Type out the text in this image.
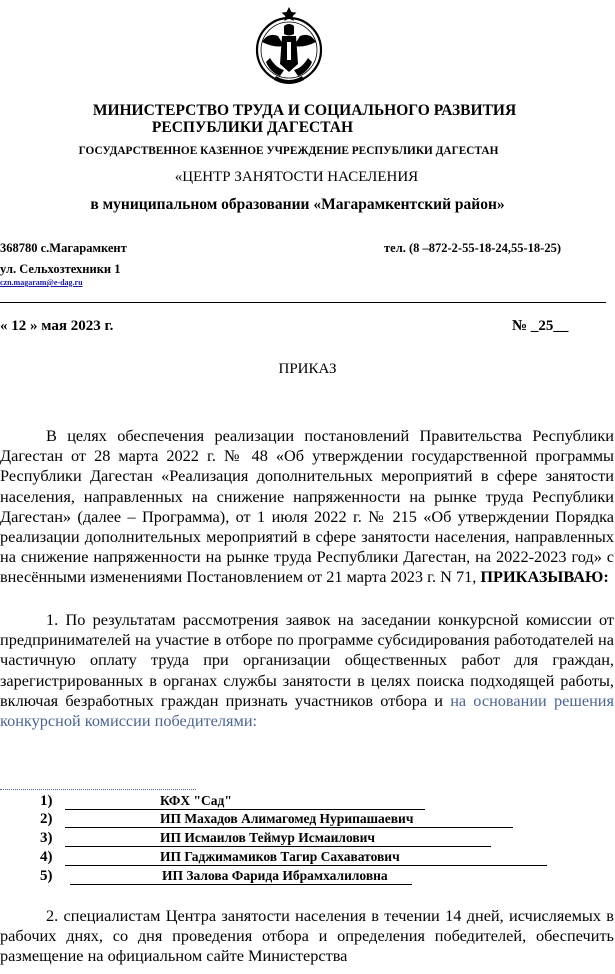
МИНИСТЕРСТВО ТРУДА И СОЦИАЛЬНОГО РАЗВИТИЯ
РЕСПУБЛИКИ ДАГЕСТАН
ГОСУДАРСТВЕННОЕ КАЗЕННОЕ УЧРЕЖДЕНИЕ РЕСПУБЛИКИ ДАГЕСТАН
«ЦЕНТР ЗАНЯТОСТИ НАСЕЛЕНИЯ
в муниципальном образовании «Магарамкентский район»
368780 с.Магарамкент	тел. (8 –872-2-55-18-24,55-18-25)
ул. Сельхозтехники 1
czn.magaram@e-dag.ru
« 12 » мая 2023 г.	№ _25__
ПРИКАЗ
В целях обеспечения реализации постановлений Правительства Республики Дагестан от 28 марта 2022 г. № 48 «Об утверждении государственной программы Республики Дагестан «Реализация дополнительных мероприятий в сфере занятости населения, направленных на снижение напряженности на рынке труда Республики Дагестан» (далее – Программа), от 1 июля 2022 г. № 215 «Об утверждении Порядка реализации дополнительных мероприятий в сфере занятости населения, направленных на снижение напряженности на рынке труда Республики Дагестан, на 2022-2023 год» с внесёнными изменениями Постановлением от 21 марта 2023 г. N 71, ПРИКАЗЫВАЮ:
1. По результатам рассмотрения заявок на заседании конкурсной комиссии от предпринимателей на участие в отборе по программе субсидирования работодателей на частичную оплату труда при организации общественных работ для граждан, зарегистрированных в органах службы занятости в целях поиска подходящей работы, включая безработных граждан признать участников отбора и на основании решения конкурсной комиссии победителями:
1)	КФХ "Сад"
2)	ИП Махадов Алимагомед Нурипашаевич
3)	ИП Исмаилов Теймур Исмаилович
4)	ИП Гаджимамиков Тагир Сахаватович
5)	ИП Залова Фарида Ибрамхалиловна
2. специалистам Центра занятости населения в течении 14 дней, исчисляемых в рабочих днях, со дня проведения отбора и определения победителей, обеспечить размещение на официальном сайте Министерства
